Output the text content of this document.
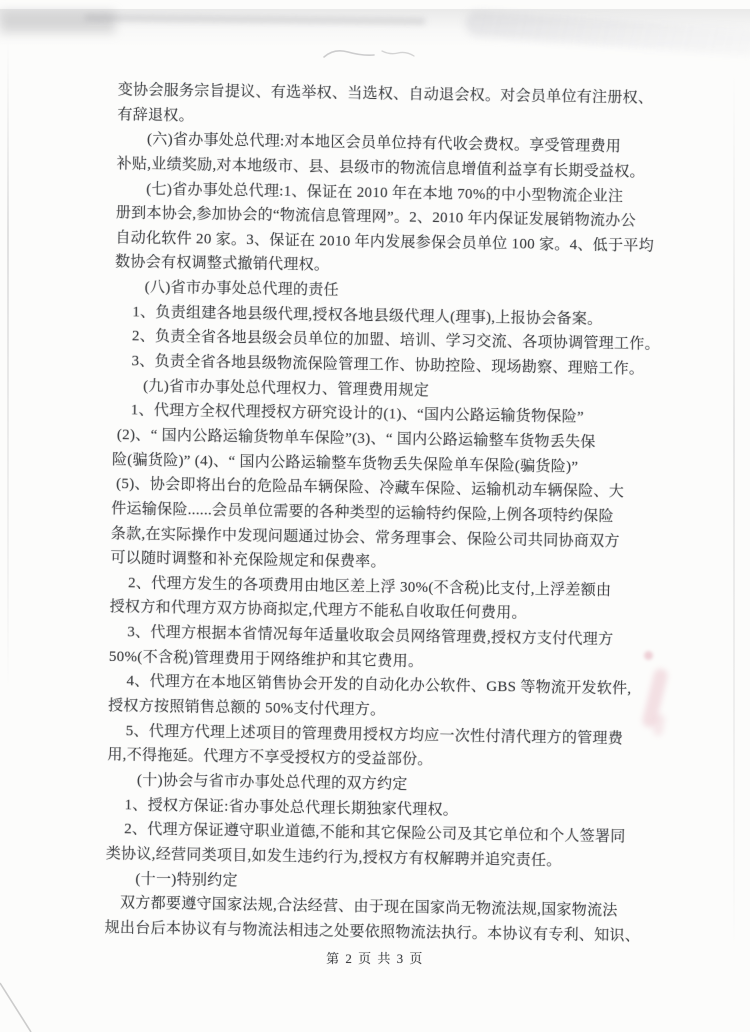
变协会服务宗旨提议、有选举权、当选权、自动退会权。对会员单位有注册权、
有辞退权。
(六)省办事处总代理:对本地区会员单位持有代收会费权。享受管理费用
补贴,业绩奖励,对本地级市、县、县级市的物流信息增值利益享有长期受益权。
(七)省办事处总代理:1、保证在 2010 年在本地 70%的中小型物流企业注
册到本协会,参加协会的“物流信息管理网”。2、2010 年内保证发展销物流办公
自动化软件 20 家。3、保证在 2010 年内发展参保会员单位 100 家。4、低于平均
数协会有权调整式撤销代理权。
(八)省市办事处总代理的责任
1、负责组建各地县级代理,授权各地县级代理人(理事),上报协会备案。
2、负责全省各地县级会员单位的加盟、培训、学习交流、各项协调管理工作。
3、负责全省各地县级物流保险管理工作、协助控险、现场勘察、理赔工作。
(九)省市办事处总代理权力、管理费用规定
1、代理方全权代理授权方研究设计的(1)、“国内公路运输货物保险”
(2)、“ 国内公路运输货物单车保险”(3)、“ 国内公路运输整车货物丢失保
险(骗货险)” (4)、“ 国内公路运输整车货物丢失保险单车保险(骗货险)”
(5)、协会即将出台的危险品车辆保险、冷藏车保险、运输机动车辆保险、大
件运输保险......会员单位需要的各种类型的运输特约保险,上例各项特约保险
条款,在实际操作中发现问题通过协会、常务理事会、保险公司共同协商双方
可以随时调整和补充保险规定和保费率。
2、代理方发生的各项费用由地区差上浮 30%(不含税)比支付,上浮差额由
授权方和代理方双方协商拟定,代理方不能私自收取任何费用。
3、代理方根据本省情况每年适量收取会员网络管理费,授权方支付代理方
50%(不含税)管理费用于网络维护和其它费用。
4、代理方在本地区销售协会开发的自动化办公软件、GBS 等物流开发软件,
授权方按照销售总额的 50%支付代理方。
5、代理方代理上述项目的管理费用授权方均应一次性付清代理方的管理费
用,不得拖延。代理方不享受授权方的受益部份。
(十)协会与省市办事处总代理的双方约定
1、授权方保证:省办事处总代理长期独家代理权。
2、代理方保证遵守职业道德,不能和其它保险公司及其它单位和个人签署同
类协议,经营同类项目,如发生违约行为,授权方有权解聘并追究责任。
(十一)特别约定
双方都要遵守国家法规,合法经营、由于现在国家尚无物流法规,国家物流法
规出台后本协议有与物流法相违之处要依照物流法执行。本协议有专利、知识、
第 2 页 共 3 页
